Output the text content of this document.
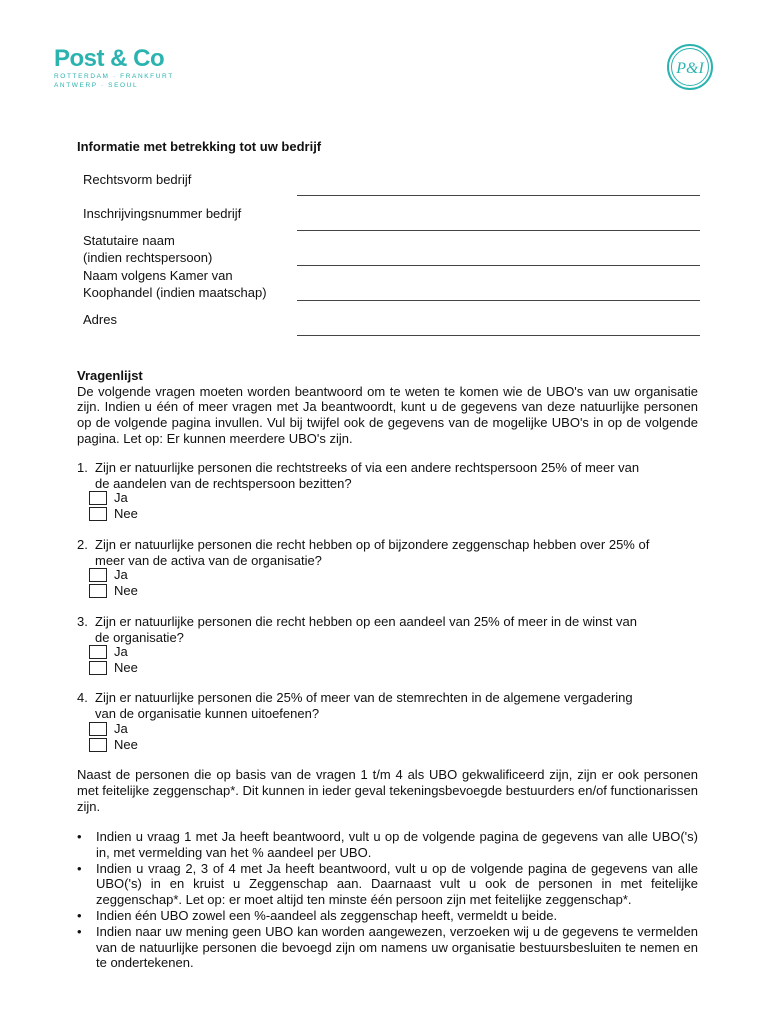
Post & Co
ROTTERDAM · FRANKFURT
ANTWERP · SEOUL
P&I
Informatie met betrekking tot uw bedrijf
Rechtsvorm bedrijf
Inschrijvingsnummer bedrijf
Statutaire naam
(indien rechtspersoon)
Naam volgens Kamer van
Koophandel (indien maatschap)
Adres
Vragenlijst
De volgende vragen moeten worden beantwoord om te weten te komen wie de UBO's van uw organisatie zijn. Indien u één of meer vragen met Ja beantwoordt, kunt u de gegevens van deze natuurlijke personen op de volgende pagina invullen. Vul bij twijfel ook de gegevens van de mogelijke UBO's in op de volgende pagina. Let op: Er kunnen meerdere UBO's zijn.
1. Zijn er natuurlijke personen die rechtstreeks of via een andere rechtspersoon 25% of meer van
de aandelen van de rechtspersoon bezitten?
Ja
Nee
2. Zijn er natuurlijke personen die recht hebben op of bijzondere zeggenschap hebben over 25% of
meer van de activa van de organisatie?
Ja
Nee
3. Zijn er natuurlijke personen die recht hebben op een aandeel van 25% of meer in de winst van
de organisatie?
Ja
Nee
4. Zijn er natuurlijke personen die 25% of meer van de stemrechten in de algemene vergadering
van de organisatie kunnen uitoefenen?
Ja
Nee
Naast de personen die op basis van de vragen 1 t/m 4 als UBO gekwalificeerd zijn, zijn er ook personen met feitelijke zeggenschap*. Dit kunnen in ieder geval tekeningsbevoegde bestuurders en/of functionarissen zijn.
• Indien u vraag 1 met Ja heeft beantwoord, vult u op de volgende pagina de gegevens van alle UBO('s) in, met vermelding van het % aandeel per UBO.
• Indien u vraag 2, 3 of 4 met Ja heeft beantwoord, vult u op de volgende pagina de gegevens van alle UBO('s) in en kruist u Zeggenschap aan. Daarnaast vult u ook de personen in met feitelijke zeggenschap*. Let op: er moet altijd ten minste één persoon zijn met feitelijke zeggenschap*.
• Indien één UBO zowel een %-aandeel als zeggenschap heeft, vermeldt u beide.
• Indien naar uw mening geen UBO kan worden aangewezen, verzoeken wij u de gegevens te vermelden van de natuurlijke personen die bevoegd zijn om namens uw organisatie bestuursbesluiten te nemen en te ondertekenen.
